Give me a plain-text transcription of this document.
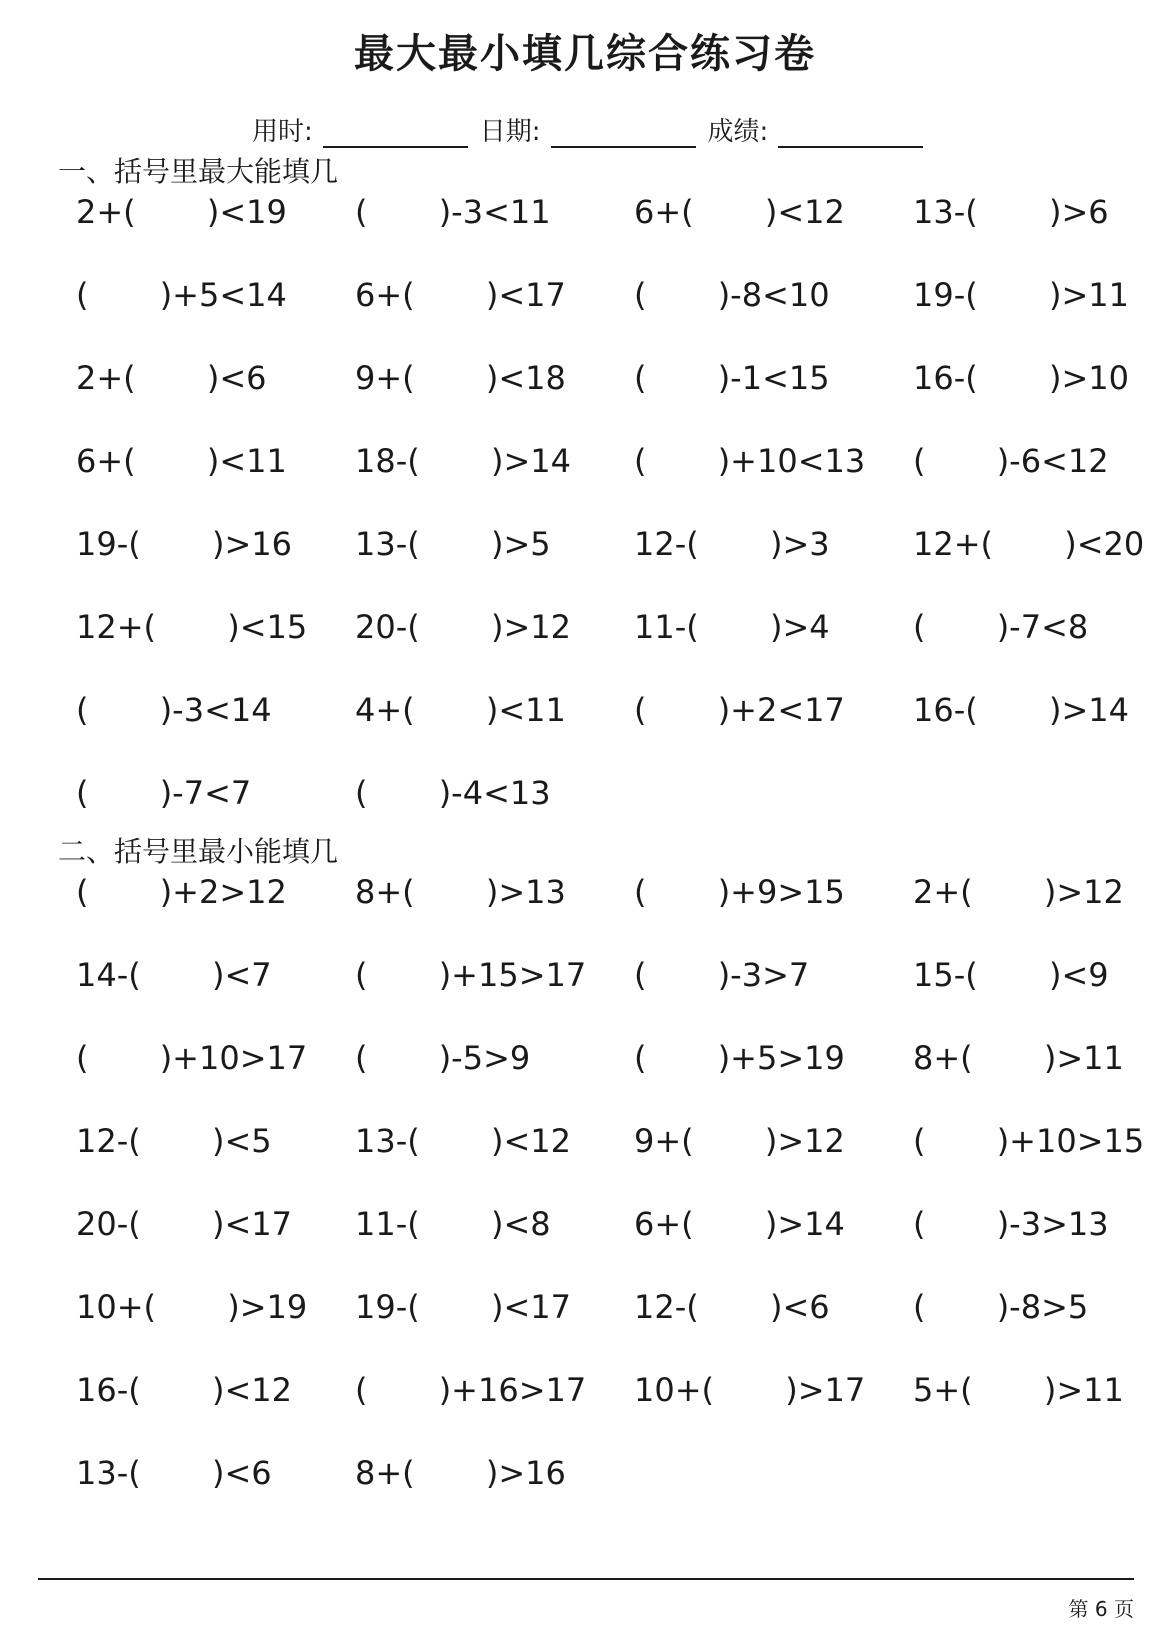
最大最小填几综合练习卷
用时:	日期:	成绩:
一、括号里最大能填几
2+(       )<19	(       )-3<11	6+(       )<12	13-(       )>6
(       )+5<14	6+(       )<17	(       )-8<10	19-(       )>11
2+(       )<6	9+(       )<18	(       )-1<15	16-(       )>10
6+(       )<11	18-(       )>14	(       )+10<13	(       )-6<12
19-(       )>16	13-(       )>5	12-(       )>3	12+(       )<20
12+(       )<15	20-(       )>12	11-(       )>4	(       )-7<8
(       )-3<14	4+(       )<11	(       )+2<17	16-(       )>14
(       )-7<7	(       )-4<13
二、括号里最小能填几
(       )+2>12	8+(       )>13	(       )+9>15	2+(       )>12
14-(       )<7	(       )+15>17	(       )-3>7	15-(       )<9
(       )+10>17	(       )-5>9	(       )+5>19	8+(       )>11
12-(       )<5	13-(       )<12	9+(       )>12	(       )+10>15
20-(       )<17	11-(       )<8	6+(       )>14	(       )-3>13
10+(       )>19	19-(       )<17	12-(       )<6	(       )-8>5
16-(       )<12	(       )+16>17	10+(       )>17	5+(       )>11
13-(       )<6	8+(       )>16
第 6 页
